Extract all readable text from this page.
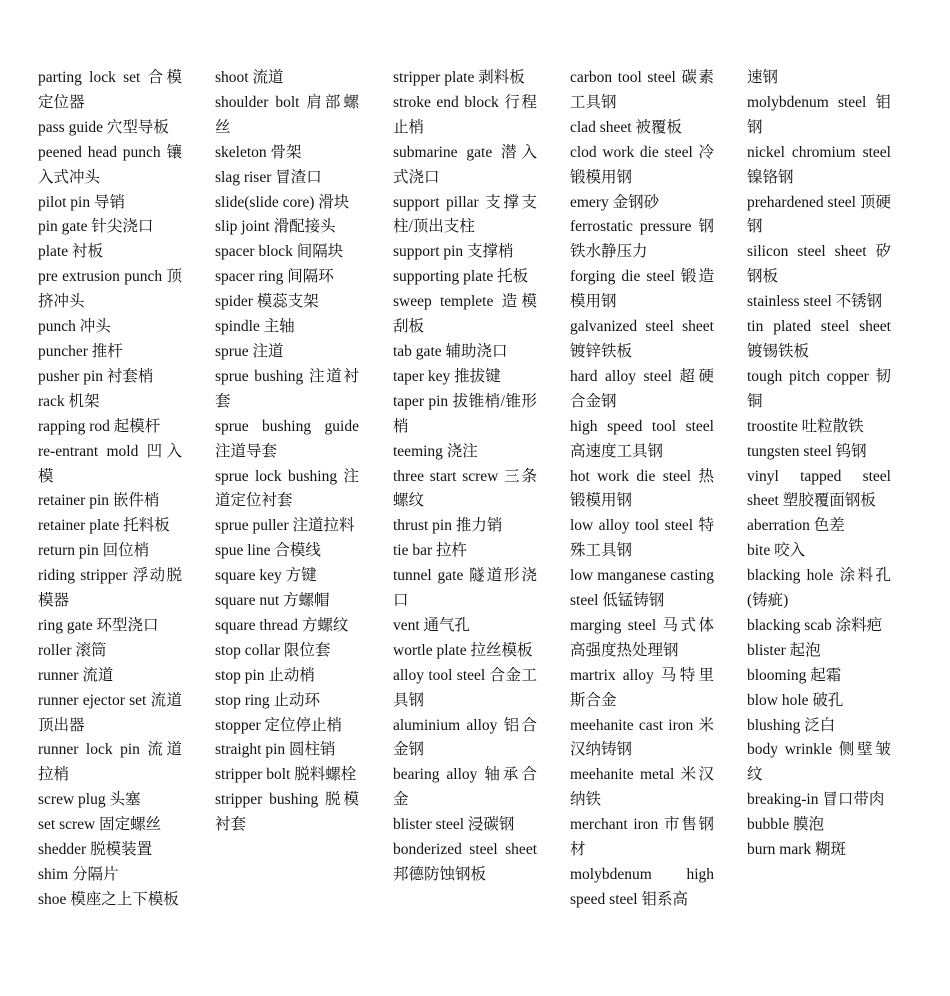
parting lock set 合模定位器

pass guide 穴型导板

peened head punch 镶入式冲头

pilot pin 导销

pin gate 针尖浇口

plate 衬板

pre extrusion punch 顶挤冲头

punch 冲头

puncher 推杆

pusher pin 衬套梢

rack 机架

rapping rod 起模杆

re-entrant mold 凹入模

retainer pin 嵌件梢

retainer plate 托料板

return pin 回位梢

riding stripper 浮动脱模器

ring gate 环型浇口

roller 滚筒

runner 流道

runner ejector set 流道顶出器

runner lock pin 流道拉梢

screw plug 头塞

set screw 固定螺丝

shedder 脱模装置

shim 分隔片

shoe 模座之上下模板

shoot 流道

shoulder bolt 肩部螺丝

skeleton 骨架

slag riser 冒渣口

slide(slide core) 滑块

slip joint 滑配接头

spacer block 间隔块

spacer ring 间隔环

spider 模蕊支架

spindle 主轴

sprue 注道

sprue bushing 注道衬套

sprue bushing guide 注道导套

sprue lock bushing 注道定位衬套

sprue puller 注道拉料

spue line 合模线

square key 方键

square nut 方螺帽

square thread 方螺纹

stop collar 限位套

stop pin 止动梢

stop ring 止动环

stopper 定位停止梢

straight pin 圆柱销

stripper bolt 脱料螺栓

stripper bushing 脱模衬套

stripper plate 剥料板

stroke end block 行程止梢

submarine gate 潜入式浇口

support pillar 支撑支柱/顶出支柱

support pin 支撑梢

supporting plate 托板

sweep templete 造模刮板

tab gate 辅助浇口

taper key 推拔键

taper pin 拔锥梢/锥形梢

teeming 浇注

three start screw 三条螺纹

thrust pin 推力销

tie bar 拉杵

tunnel gate 隧道形浇口

vent 通气孔

wortle plate 拉丝模板

alloy tool steel 合金工具钢

aluminium alloy 铝合金钢

bearing alloy 轴承合金

blister steel 浸碳钢

bonderized steel sheet 邦德防蚀钢板

carbon tool steel 碳素工具钢

clad sheet 被覆板

clod work die steel 冷锻模用钢

emery 金钢砂

ferrostatic pressure 钢铁水静压力

forging die steel 锻造模用钢

galvanized steel sheet 镀锌铁板

hard alloy steel 超硬合金钢

high speed tool steel 高速度工具钢

hot work die steel 热锻模用钢

low alloy tool steel 特殊工具钢

low manganese casting steel 低锰铸钢

marging steel 马式体高强度热处理钢

martrix alloy 马特里斯合金

meehanite cast iron 米汉纳铸钢

meehanite metal 米汉纳铁

merchant iron 市售钢材

molybdenum high speed steel 钼系高

速钢

molybdenum steel 钼钢

nickel chromium steel 镍铬钢

prehardened steel 顶硬钢

silicon steel sheet 矽钢板

stainless steel 不锈钢

tin plated steel sheet 镀锡铁板

tough pitch copper 韧铜

troostite 吐粒散铁

tungsten steel 钨钢

vinyl tapped steel sheet 塑胶覆面钢板

aberration 色差

bite 咬入

blacking hole 涂料孔(铸疵)

blacking scab 涂料疤

blister 起泡

blooming 起霜

blow hole 破孔

blushing 泛白

body wrinkle 侧壁皱纹

breaking-in 冒口带肉

bubble 膜泡

burn mark 糊斑
